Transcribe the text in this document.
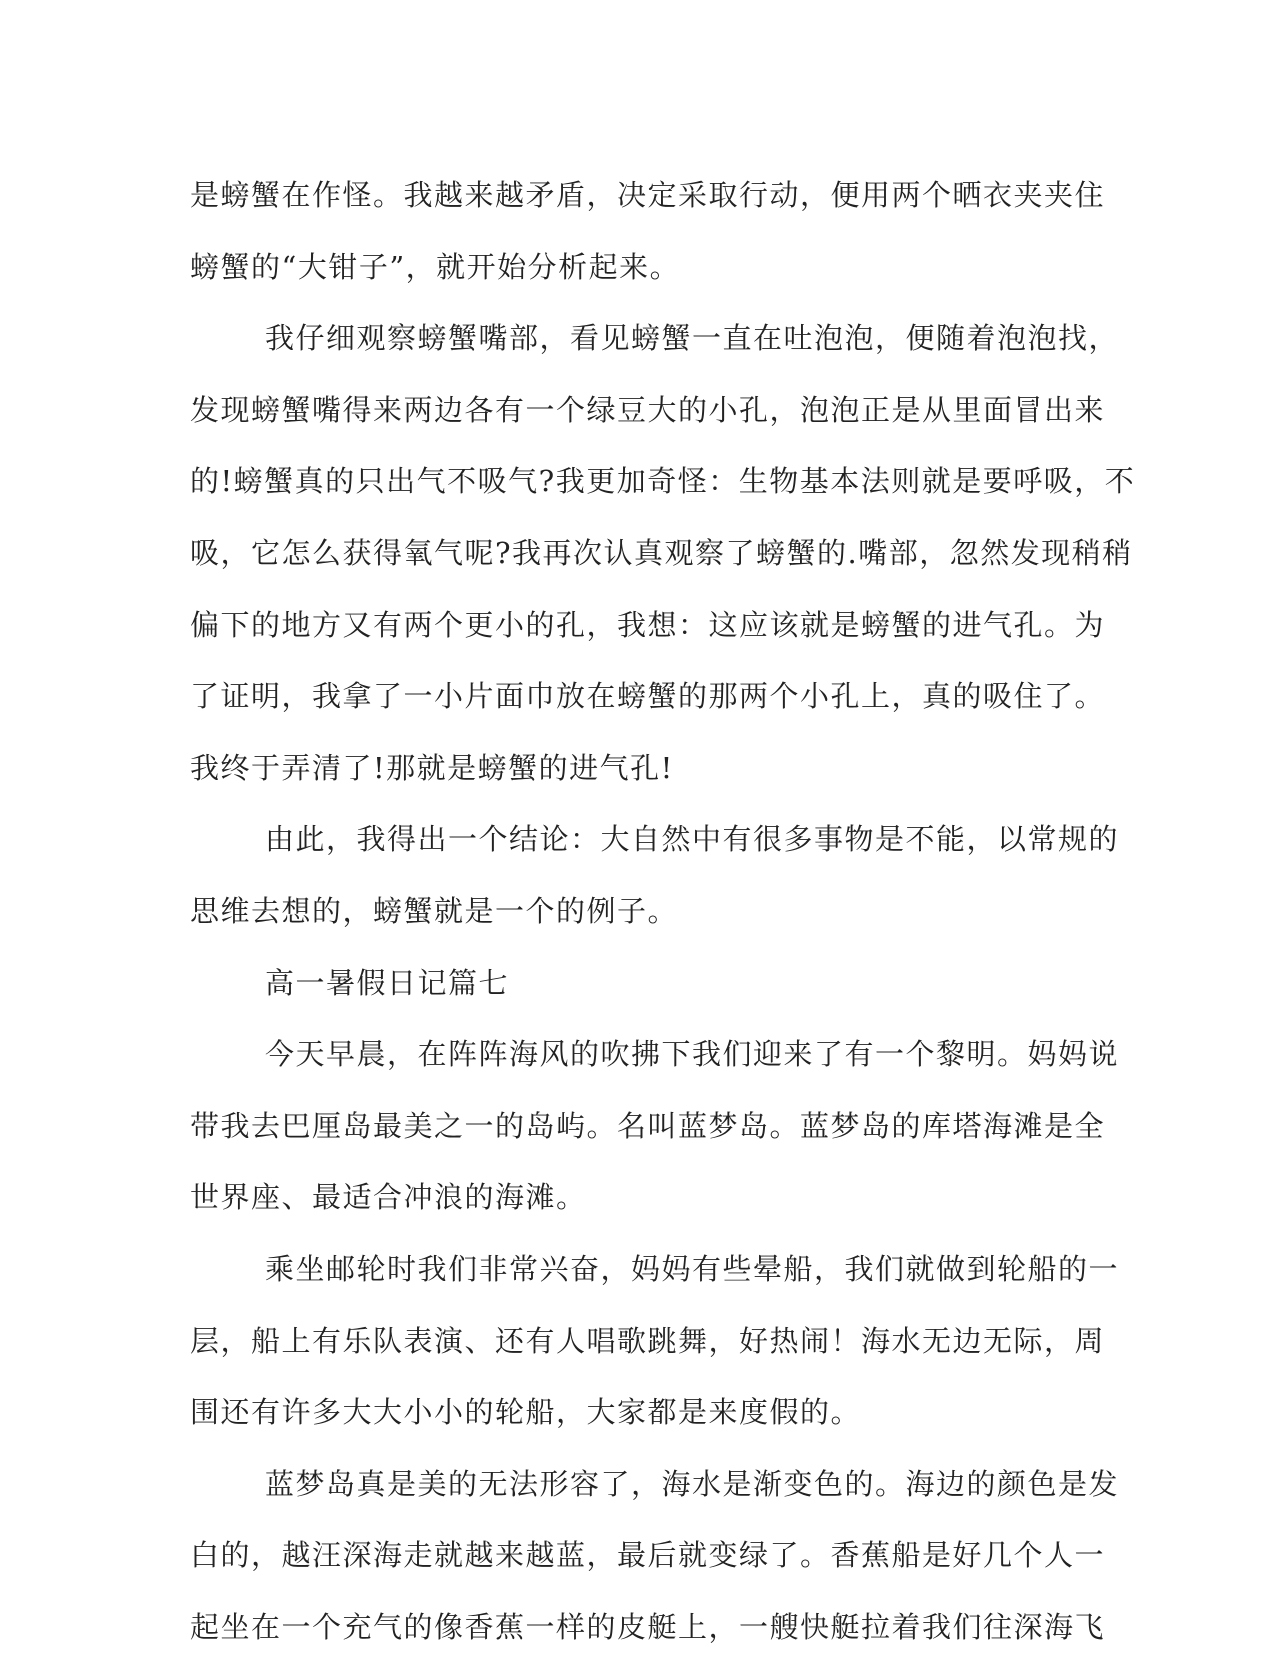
是螃蟹在作怪。我越来越矛盾，决定采取行动，便用两个晒衣夹夹住
螃蟹的“大钳子”，就开始分析起来。
我仔细观察螃蟹嘴部，看见螃蟹一直在吐泡泡，便随着泡泡找，
发现螃蟹嘴得来两边各有一个绿豆大的小孔，泡泡正是从里面冒出来
的!螃蟹真的只出气不吸气?我更加奇怪：生物基本法则就是要呼吸，不
吸，它怎么获得氧气呢?我再次认真观察了螃蟹的.嘴部，忽然发现稍稍
偏下的地方又有两个更小的孔，我想：这应该就是螃蟹的进气孔。为
了证明，我拿了一小片面巾放在螃蟹的那两个小孔上，真的吸住了。
我终于弄清了!那就是螃蟹的进气孔!
由此，我得出一个结论：大自然中有很多事物是不能，以常规的
思维去想的，螃蟹就是一个的例子。
高一暑假日记篇七
今天早晨，在阵阵海风的吹拂下我们迎来了有一个黎明。妈妈说
带我去巴厘岛最美之一的岛屿。名叫蓝梦岛。蓝梦岛的库塔海滩是全
世界座、最适合冲浪的海滩。
乘坐邮轮时我们非常兴奋，妈妈有些晕船，我们就做到轮船的一
层，船上有乐队表演、还有人唱歌跳舞，好热闹！海水无边无际，周
围还有许多大大小小的轮船，大家都是来度假的。
蓝梦岛真是美的无法形容了，海水是渐变色的。海边的颜色是发
白的，越汪深海走就越来越蓝，最后就变绿了。香蕉船是好几个人一
起坐在一个充气的像香蕉一样的皮艇上，一艘快艇拉着我们往深海飞
